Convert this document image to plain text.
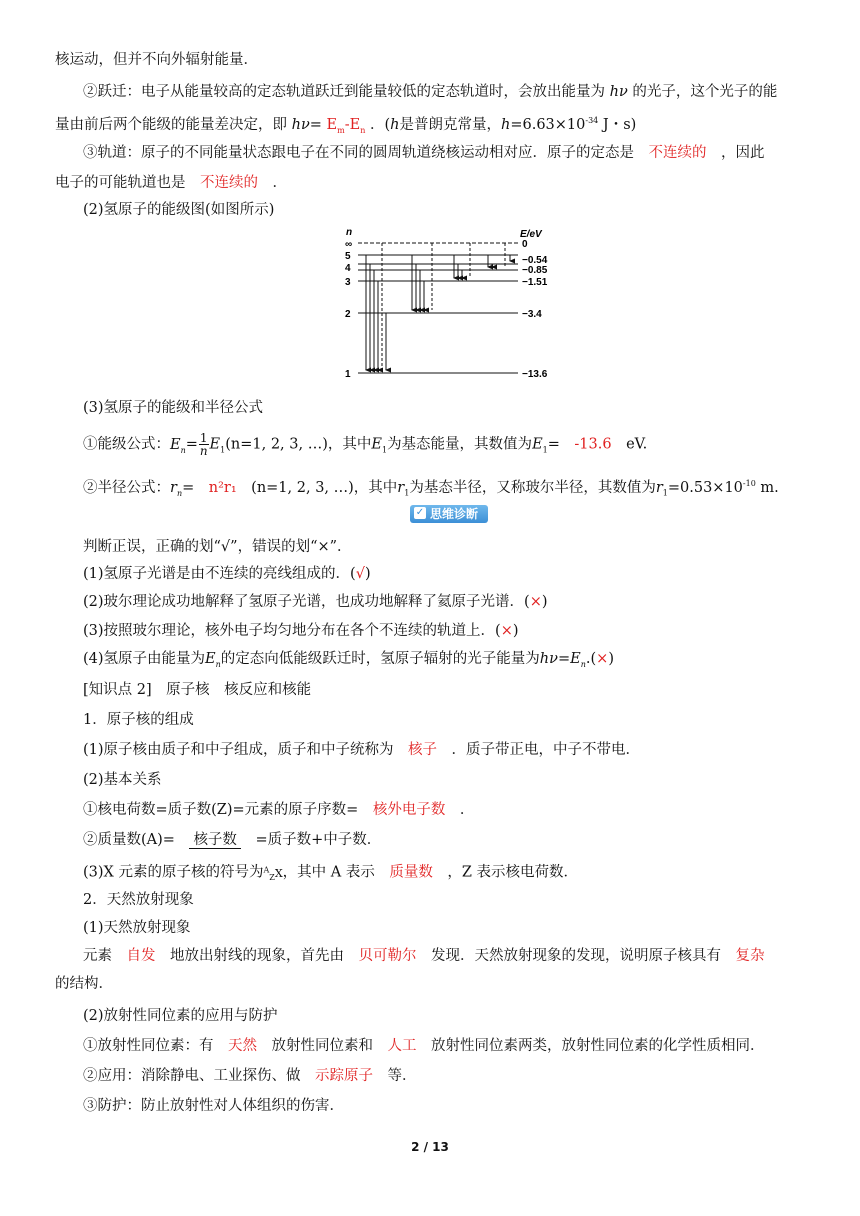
核运动，但并不向外辐射能量．
②跃迁：电子从能量较高的定态轨道跃迁到能量较低的定态轨道时，会放出能量为 hν 的光子，这个光子的能
量由前后两个能级的能量差决定，即 $h\nu= E_m-E_n$ ．(h是普朗克常量，$h=6.63\times 10^{-34}$ J・s)
③轨道：原子的不同能量状态跟电子在不同的圆周轨道绕核运动相对应．原子的定态是　 不连续的　 ，因此
电子的可能轨道也是　 不连续的　 ．
(2)氢原子的能级图(如图所示)
n	E/eV
∞
5
4
3
2
1
0
−0.54
−0.85
−1.51
−3.4
−13.6
(3)氢原子的能级和半径公式
①能级公式：$E_n= \frac{1}{n} E_1(n=1$, 2, 3, …)，其中$E_1$为基态能量，其数值为$E_1=$　-13.6　 eV.
②半径公式：$r_n=$　n²r₁　 (n=1, 2, 3, …)，其中$r_1$为基态半径，又称玻尔半径，其数值为$r_1=0.53\times 10^{-10}$ m.
✓ 思维诊断
判断正误，正确的划“√”，错误的划“×”．
(1)氢原子光谱是由不连续的亮线组成的．(√)
(2)玻尔理论成功地解释了氢原子光谱，也成功地解释了氦原子光谱．(×)
(3)按照玻尔理论，核外电子均匀地分布在各个不连续的轨道上．(×)
(4)氢原子由能量为$E_n$的定态向低能级跃迁时，氢原子辐射的光子能量为$h\nu=E_n.(\times)$
[知识点 2]　原子核　核反应和核能
1．原子核的组成
(1)原子核由质子和中子组成，质子和中子统称为　 核子　 ．质子带正电，中子不带电．
(2)基本关系
①核电荷数=质子数(Z)=元素的原子序数=　 核外电子数　 ．
②质量数(A)=　 核子数　 =质子数+中子数．
(3)X 元素的原子核的符号为$^A_Z$X，其中 A 表示　 质量数　 ，Z 表示核电荷数．
2．天然放射现象
(1)天然放射现象
元素　 自发　 地放出射线的现象，首先由　 贝可勒尔　 发现．天然放射现象的发现，说明原子核具有　 复杂
的结构．
(2)放射性同位素的应用与防护
①放射性同位素：有　 天然　 放射性同位素和　 人工　 放射性同位素两类，放射性同位素的化学性质相同．
②应用：消除静电、工业探伤、做　 示踪原子　 等．
③防护：防止放射性对人体组织的伤害．
2 / 13
